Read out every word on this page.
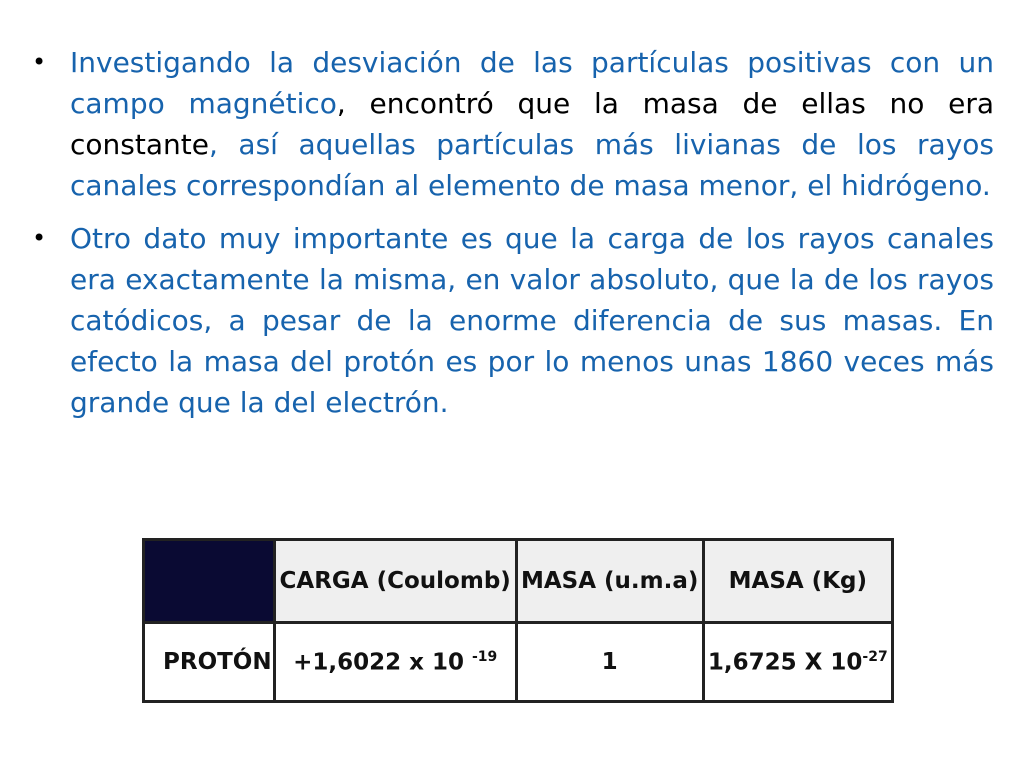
• Investigando la desviación de las partículas positivas con un campo magnético, encontró que la masa de ellas no era constante, así aquellas partículas más livianas de los rayos canales correspondían al elemento de masa menor, el hidrógeno.
• Otro dato muy importante es que la carga de los rayos canales era exactamente la misma, en valor absoluto, que la de los rayos catódicos, a pesar de la enorme diferencia de sus masas. En efecto la masa del protón es por lo menos unas 1860 veces más grande que la del electrón.
	CARGA (Coulomb)	MASA (u.m.a)	MASA (Kg)
PROTÓN	+1,6022 x 10 $^{-19}$	1	1,6725 X $10^{-27}$
